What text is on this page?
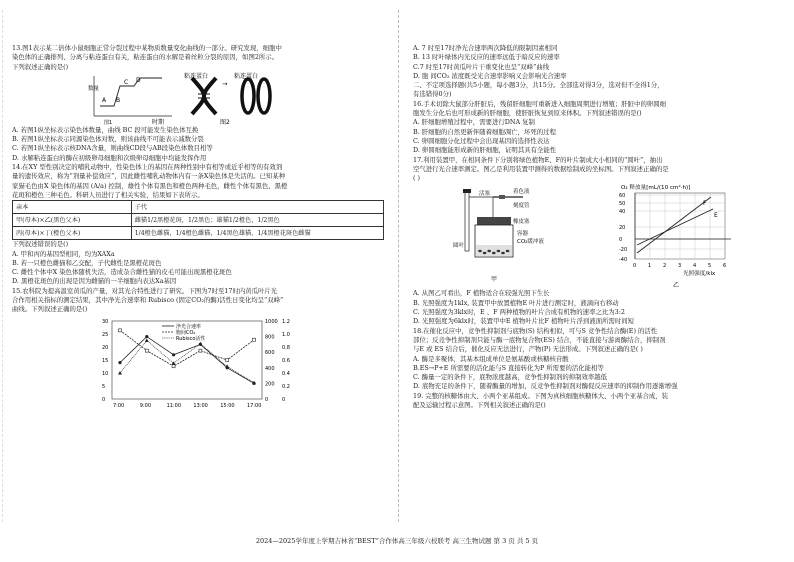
13.图1表示某二倍体小鼠细胞正常分裂过程中某物质数量变化曲线的一部分。研究发现，细胞中

染色体的正确排列、分离与粘连蛋白有关，粘连蛋白的水解是着丝粒分裂的原因，如图2所示。

下列叙述正确的是()

数量
A B
C D
时期
图1
→
粘连蛋白	粘连蛋白
图2

A. 若图1纵坐标表示染色体数量，曲线 BC 段可能发生染色体互换

B. 若图1纵坐标表示同源染色体对数，则该曲线不可能表示减数分裂

C. 若图1纵坐标表示核DNA含量，则曲线CD段与AB段染色体数目相等

D. 水解粘连蛋白的酶在初级卵母细胞和次级卵母细胞中均能发挥作用

14.在XY 型性别决定的哺乳动物中，性染色体上的基因在两种性别中有相等或近乎相等的有效剂

量的遗传效应，称为“剂量补偿效应”，因此雌性哺乳动物体内有一条X染色体是失活的。已知某种

家猫毛色由X 染色体的基因 (A/a) 控制，雄性个体有黑色和橙色两种毛色，雌性个体有黑色、黑橙

花斑和橙色三种毛色。科研人员进行了相关实验，结果如下表所示。

亲本	子代
甲(母本)×乙(黑色父本)	雌猫1/2黑橙花斑，1/2黑色；雄猫1/2橙色，1/2黑色
丙(母本)×丁(橙色父本)	1/4橙色雌猫，1/4橙色雌猫，1/4黑色雄猫，1/4黑橙花斑色雌猫

下列叙述错误的是()

A. 甲和丙的基因型相同，均为XAXa

B. 若一只橙色雌猫和乙交配，子代雌性是黑橙花斑色

C. 雌性个体中X 染色体随机失活，造成杂合雌性猫的皮毛可能出现黑橙花斑色

D. 黑橙花斑色的出现是因为雌猫的一半细胞内表达Xa基因

15.农科院为提高温室黄瓜的产量，对其光合特性进行了研究。下图为7时至17时内黄瓜叶片光

合作用相关指标的测定结果，其中净光合速率和 Rubisco (固定CO₂的酶)活性日变化均呈“双峰”

曲线。下列叙述正确的是()

7:00	9:00	11:00 13:00 15:00 17:00
0
5
10
15
20
25
30
0
200
400
600
800
1000
0
0.2
0.4
0.6
0.8
1.0
1.2
净光合速率
胞间CO₂
Rubisco活性

A. 7 时至17时净光合速率两次降低的限制因素相同

B. 13 时叶绿体内光反应的速率远低于暗反应的速率

C.7 时至17时黄瓜叶片干重变化也呈“双峰”曲线

D. 胞 间CO₂ 浓度既受光合速率影响又会影响光合速率

二、不定项选择题(共5小题，每小题3分，共15分。全部选对得3分，选对但不全得1分，

有选错得0分)

16.手术切除大鼠部分肝脏后，残留肝细胞可重新进入细胞周期进行增殖；肝脏中的卵圆细

胞发生分化后也可形成新的肝细胞，使肝脏恢复到原来体积。下列叙述错误的是()

A. 肝细胞增殖过程中，需要进行DNA 复制

B. 肝细胞的自然更新伴随着细胞凋亡，坏死的过程

C. 卵圆细胞分化过程中会出现基因的选择性表达

D. 卵圆细胞能形成新的肝细胞，证明其具有全能性

17.利用装置甲，在相同条件下分别将绿色植物E、F的叶片制成大小相同的“圆叶”，抽出

空气进行光合速率测定。图乙是利用装置甲测得的数据绘制成的坐标图。下列叙述正确的是

( )

活塞	着色液
刻度管
橡皮塞
容器
CO₂缓冲液
圆叶
甲
O₂ 释放量[mL/(10 cm²·h)]
F
E
0 1 2 3 4 5 6
60
50
40
20
0
-20
-40
光照强度/klx
乙

A. 从图乙可看出，F 植物适合在较强光照下生长

B. 光照强度为1klx, 装置甲中放置植物E 叶片进行测定时，液滴向右移动

C. 光照强度为3klx时，E 、F 两种植物的叶片合成有机物的速率之比为3:2

D. 光照强度为6klx时，装置甲中E 植物叶片比F 植物叶片浮到液面所需时间短

18.在催化反应中，竞争性抑制剂与底物(S) 结构相似，可与S 竞争性结合酶(E) 的活性

部位；反竞争性抑制剂只能与酶一底物复合物(ES) 结合，不能直接与游离酶结合，抑制剂

与E 或 ES 结合后，催化反应无法进行，产物(P) 无法形成。下列叙述正确的是( )

A. 酶是多聚体，其基本组成单位是氨基酸或核糖核苷酸

B.ES→P+E 所需要的活化能与S 直接转化为P 所需要的活化能相等

C. 酶量一定的条件下，底物浓度越高，竞争性抑制剂的抑制效率越低

D. 底物充足的条件下，随着酶量的增加，反竞争性抑制剂对酶促反应速率的抑制作用逐渐增强

19. 完整的核糖体由大、小两个亚基组成。下图为真核细胞核糖体大、小两个亚基合成，装

配及运输过程示意图。下列相关叙述正确的是()

2024—2025学年度上学期吉林省“BEST”合作体高三年级六校联考 高三生物试题 第 3 页 共 5 页
